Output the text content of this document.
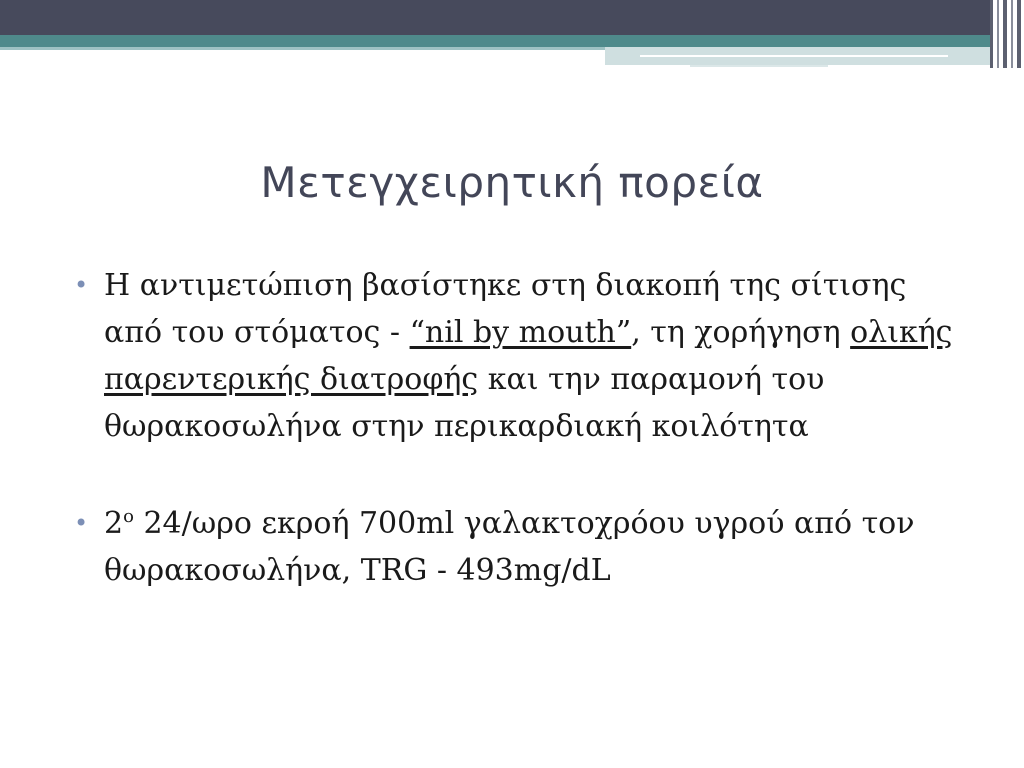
Μετεγχειρητική πορεία
• Η αντιμετώπιση βασίστηκε στη διακοπή της σίτισης από του στόματος - “nil by mouth”, τη χορήγηση ολικής παρεντερικής διατροφής και την παραμονή του θωρακοσωλήνα στην περικαρδιακή κοιλότητα
• $2^o$ 24/ωρο εκροή 700ml γαλακτοχρόου υγρού από τον θωρακοσωλήνα, TRG - 493mg/dL
